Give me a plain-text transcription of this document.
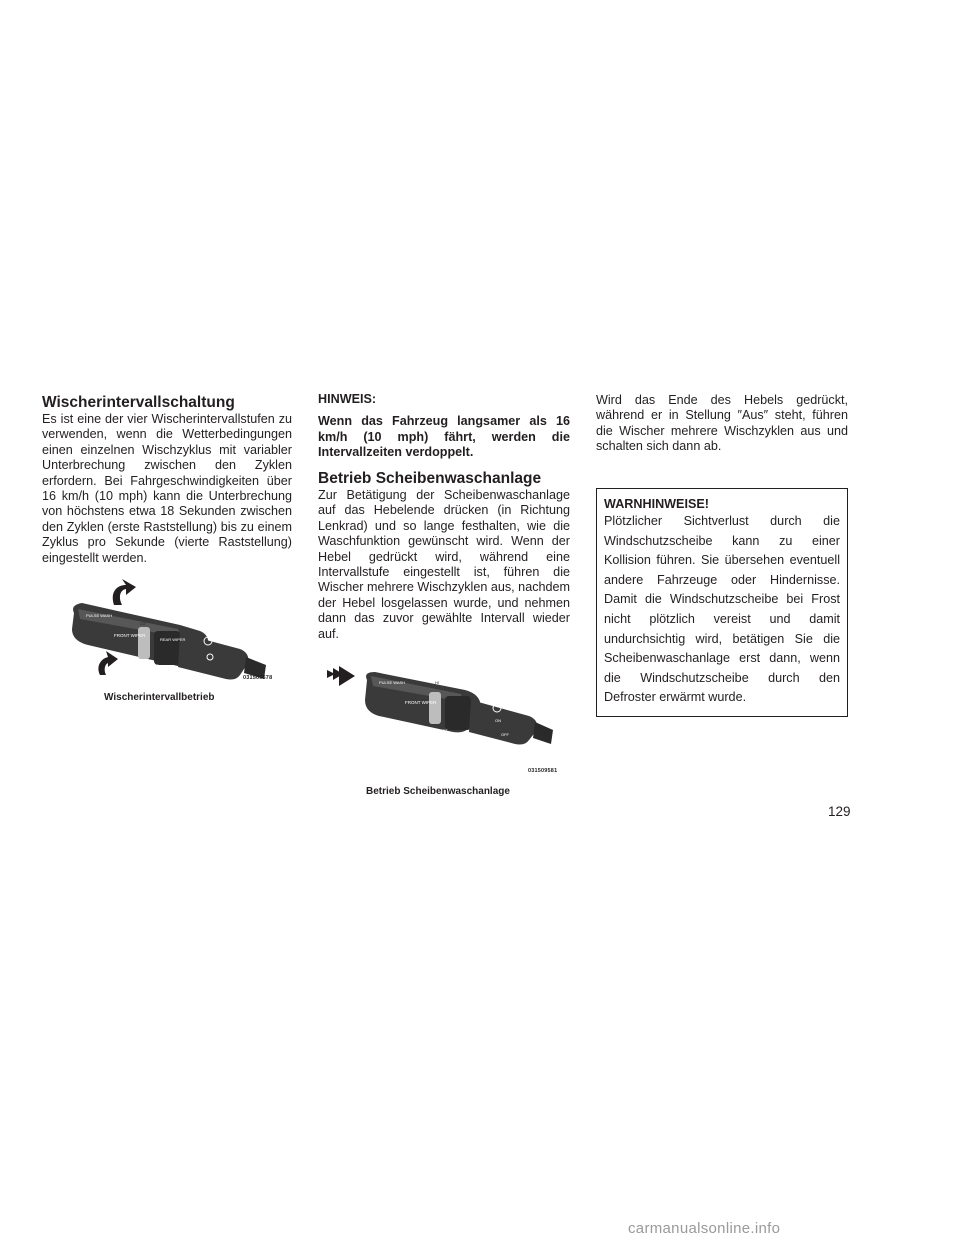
Wischerintervallschaltung

Es ist eine der vier Wischerintervallstufen zu verwenden, wenn die Wetterbedingungen einen einzelnen Wischzyklus mit variabler Unterbrechung zwischen den Zyklen erfordern. Bei Fahrgeschwindigkeiten über 16 km/h (10 mph) kann die Unterbrechung von höchstens etwa 18 Sekunden zwischen den Zyklen (erste Raststellung) bis zu einem Zyklus pro Sekunde (vierte Raststellung) eingestellt werden.

HINWEIS:
Wenn das Fahrzeug langsamer als 16 km/h (10 mph) fährt, werden die Intervallzeiten verdoppelt.
Betrieb Scheibenwaschanlage

Zur Betätigung der Scheibenwaschanlage auf das Hebelende drücken (in Richtung Lenkrad) und so lange festhalten, wie die Waschfunktion gewünscht wird. Wenn der Hebel gedrückt wird, während eine Intervallstufe eingestellt ist, führen die Wischer mehrere Wischzyklen aus, nachdem der Hebel losgelassen wurde, und nehmen dann das zuvor gewählte Intervall wieder auf.

Wird das Ende des Hebels gedrückt, während er in Stellung ″Aus″ steht, führen die Wischer mehrere Wischzyklen aus und schalten sich dann ab.

WARNHINWEISE!
Plötzlicher Sichtverlust durch die Windschutzscheibe kann zu einer Kollision führen. Sie übersehen eventuell andere Fahrzeuge oder Hindernisse. Damit die Windschutzscheibe bei Frost nicht plötzlich vereist und damit undurchsichtig wird, betätigen Sie die Scheibenwaschanlage erst dann, wenn die Windschutzscheibe durch den Defroster erwärmt wurde.
PULSE WASH
LO
FRONT WIPER
OFF MIST
REAR WIPER
031509578
Wischerintervallbetrieb
PULSE WASH	HI
FRONT WIPER
OFF MIST
ON
OFF
031509581
Betrieb Scheibenwaschanlage
129
carmanualsonline.info
